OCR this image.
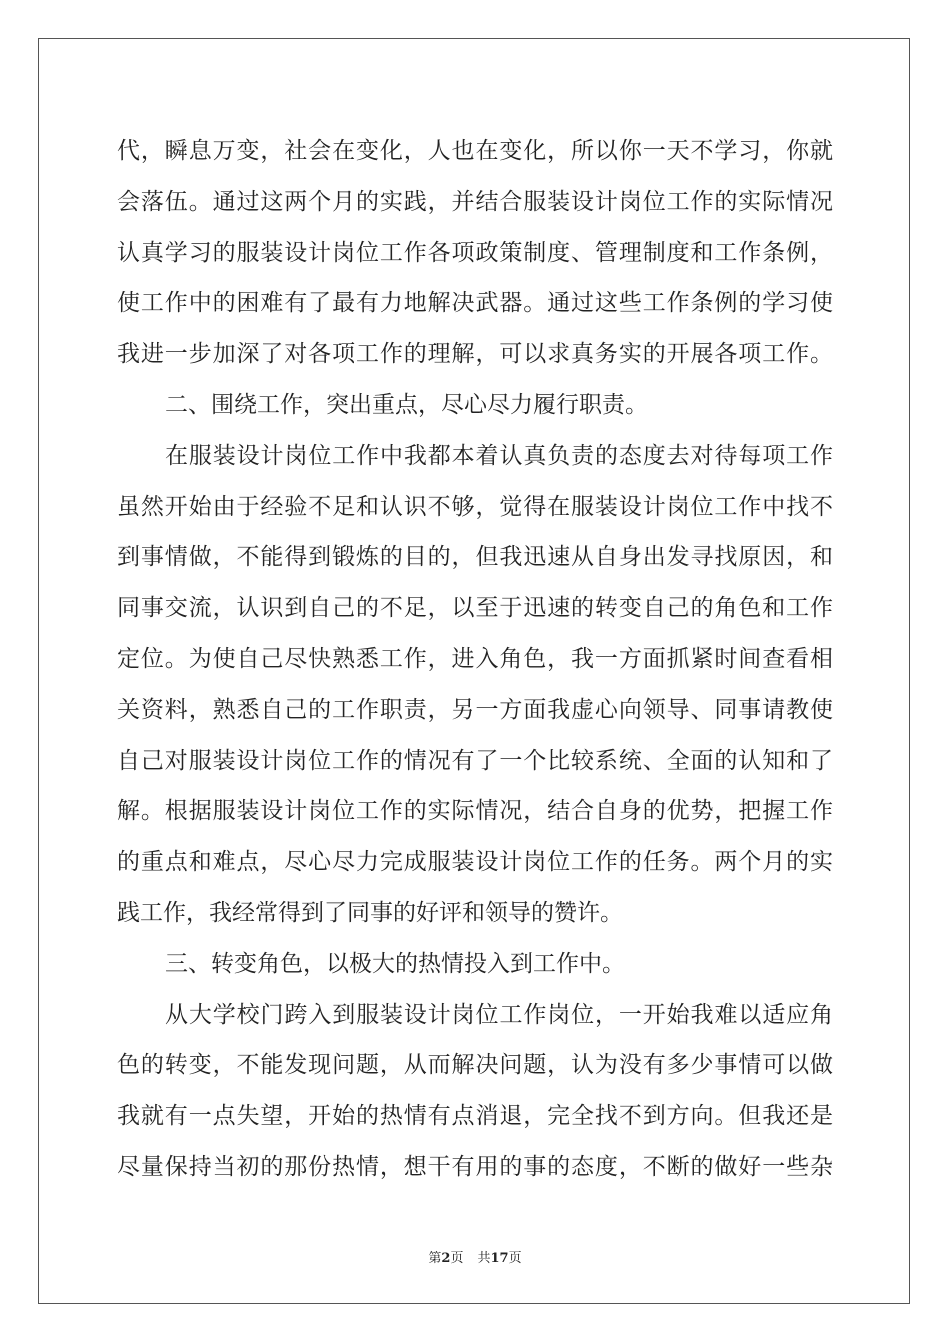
代，瞬息万变，社会在变化，人也在变化，所以你一天不学习，你就
会落伍。通过这两个月的实践，并结合服装设计岗位工作的实际情况
认真学习的服装设计岗位工作各项政策制度、管理制度和工作条例，
使工作中的困难有了最有力地解决武器。通过这些工作条例的学习使
我进一步加深了对各项工作的理解，可以求真务实的开展各项工作。
二、围绕工作，突出重点，尽心尽力履行职责。
在服装设计岗位工作中我都本着认真负责的态度去对待每项工作
虽然开始由于经验不足和认识不够，觉得在服装设计岗位工作中找不
到事情做，不能得到锻炼的目的，但我迅速从自身出发寻找原因，和
同事交流，认识到自己的不足，以至于迅速的转变自己的角色和工作
定位。为使自己尽快熟悉工作，进入角色，我一方面抓紧时间查看相
关资料，熟悉自己的工作职责，另一方面我虚心向领导、同事请教使
自己对服装设计岗位工作的情况有了一个比较系统、全面的认知和了
解。根据服装设计岗位工作的实际情况，结合自身的优势，把握工作
的重点和难点，尽心尽力完成服装设计岗位工作的任务。两个月的实
践工作，我经常得到了同事的好评和领导的赞许。
三、转变角色，以极大的热情投入到工作中。
从大学校门跨入到服装设计岗位工作岗位，一开始我难以适应角
色的转变，不能发现问题，从而解决问题，认为没有多少事情可以做
我就有一点失望，开始的热情有点消退，完全找不到方向。但我还是
尽量保持当初的那份热情，想干有用的事的态度，不断的做好一些杂
第2页 共17页
